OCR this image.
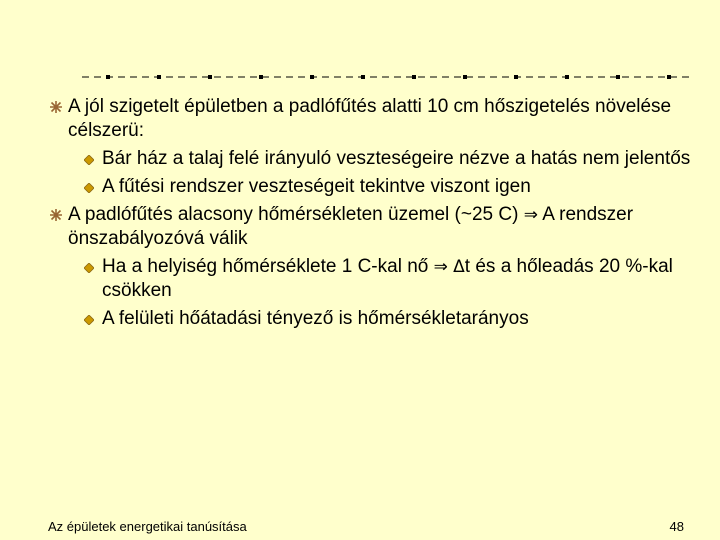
A jól szigetelt épületben a padlófűtés alatti 10 cm hőszigetelés növelése célszerü:
Bár ház a talaj felé irányuló veszteségeire nézve a hatás nem jelentős
A fűtési rendszer veszteségeit tekintve viszont igen
A padlófűtés alacsony hőmérsékleten üzemel (~25 C) ⇒ A rendszer önszabályozóvá válik
Ha a helyiség hőmérséklete 1 C-kal nő ⇒ Δt és a hőleadás 20 %-kal csökken
A felületi hőátadási tényező is hőmérsékletarányos
Az épületek energetikai tanúsítása	48
